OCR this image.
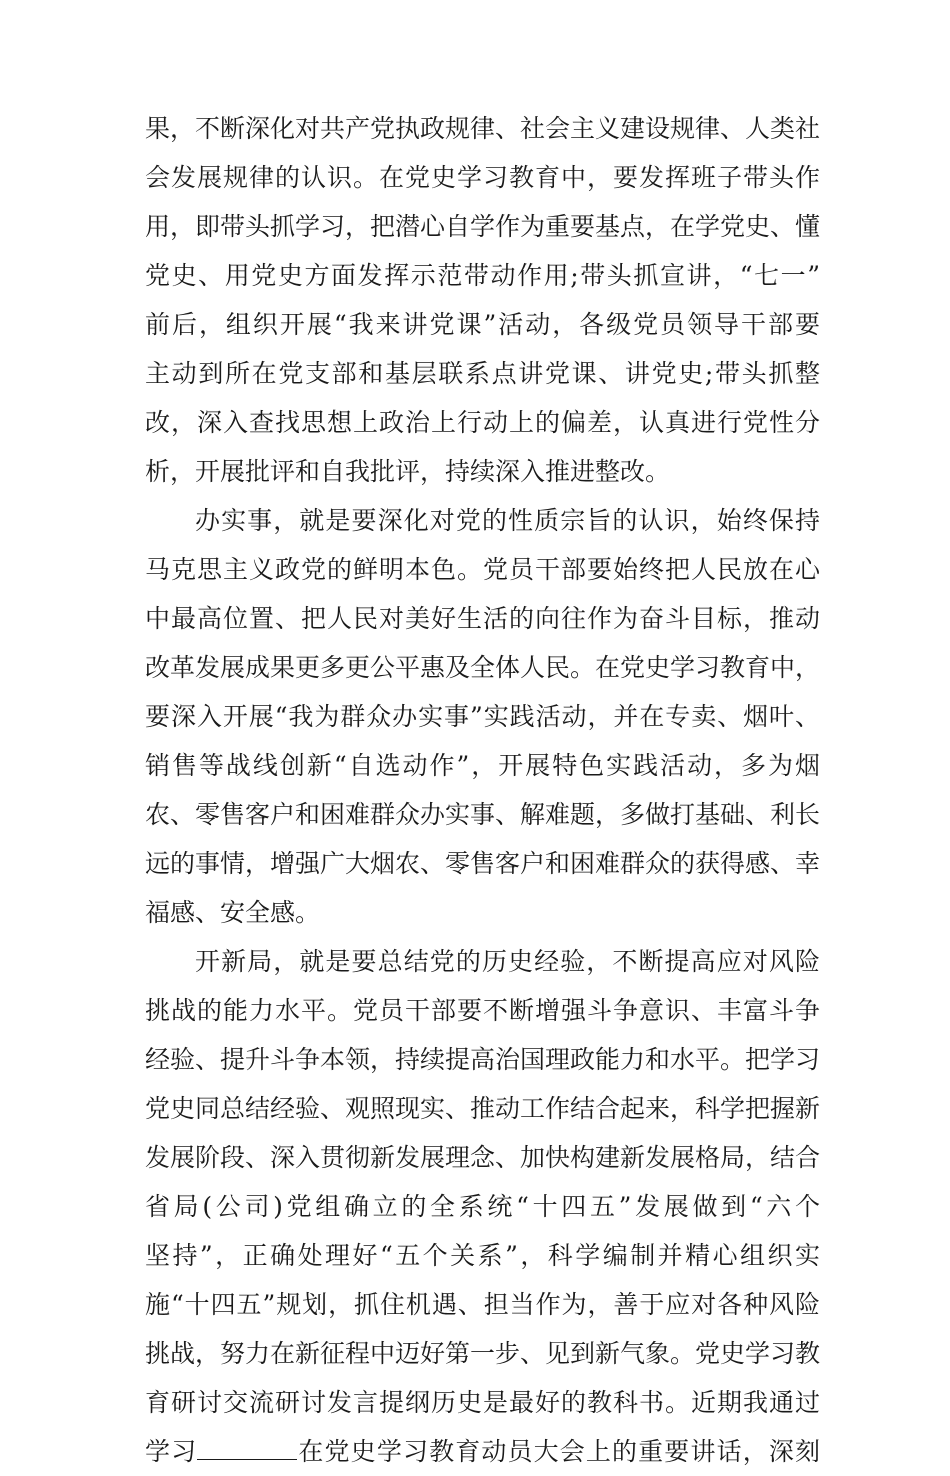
果，不断深化对共产党执政规律、社会主义建设规律、人类社
会发展规律的认识。在党史学习教育中，要发挥班子带头作
用，即带头抓学习，把潜心自学作为重要基点，在学党史、懂
党史、用党史方面发挥示范带动作用;带头抓宣讲，“七一”
前后，组织开展“我来讲党课”活动，各级党员领导干部要
主动到所在党支部和基层联系点讲党课、讲党史;带头抓整
改，深入查找思想上政治上行动上的偏差，认真进行党性分
析，开展批评和自我批评，持续深入推进整改。
办实事，就是要深化对党的性质宗旨的认识，始终保持
马克思主义政党的鲜明本色。党员干部要始终把人民放在心
中最高位置、把人民对美好生活的向往作为奋斗目标，推动
改革发展成果更多更公平惠及全体人民。在党史学习教育中，
要深入开展“我为群众办实事”实践活动，并在专卖、烟叶、
销售等战线创新“自选动作”，开展特色实践活动，多为烟
农、零售客户和困难群众办实事、解难题，多做打基础、利长
远的事情，增强广大烟农、零售客户和困难群众的获得感、幸
福感、安全感。
开新局，就是要总结党的历史经验，不断提高应对风险
挑战的能力水平。党员干部要不断增强斗争意识、丰富斗争
经验、提升斗争本领，持续提高治国理政能力和水平。把学习
党史同总结经验、观照现实、推动工作结合起来，科学把握新
发展阶段、深入贯彻新发展理念、加快构建新发展格局，结合
省局(公司)党组确立的全系统“十四五”发展做到“六个
坚持”，正确处理好“五个关系”，科学编制并精心组织实
施“十四五”规划，抓住机遇、担当作为，善于应对各种风险
挑战，努力在新征程中迈好第一步、见到新气象。党史学习教
育研讨交流研讨发言提纲历史是最好的教科书。近期我通过
学习	在党史学习教育动员大会上的重要讲话，深刻
